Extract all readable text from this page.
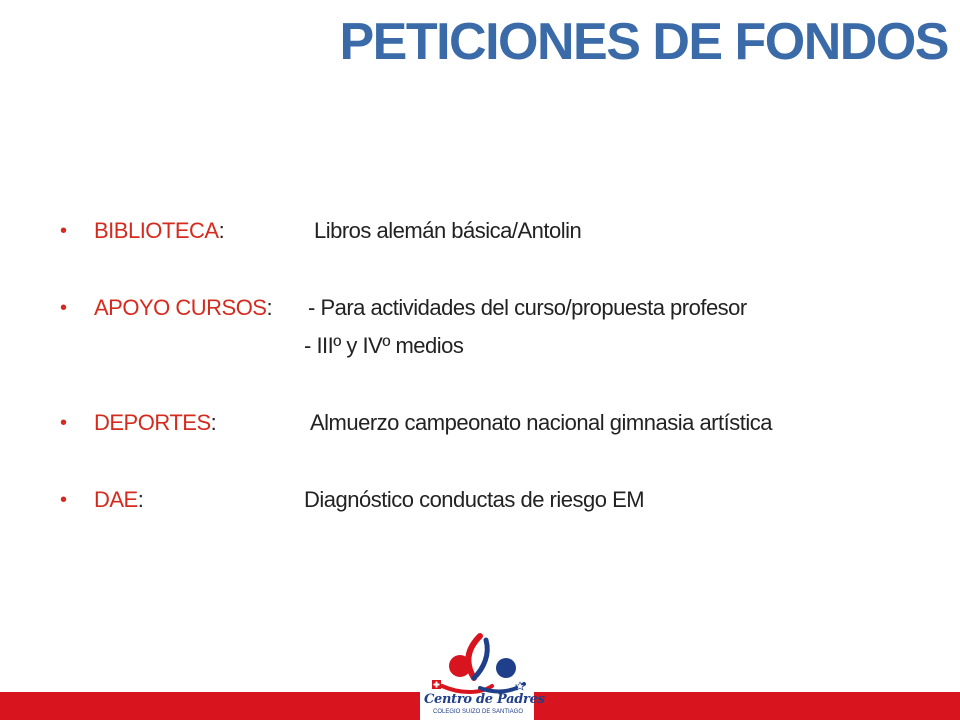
PETICIONES DE FONDOS
• BIBLIOTECA:	Libros alemán básica/Antolin
• APOYO CURSOS: - Para actividades del curso/propuesta profesor
- IIIº y IVº medios
• DEPORTES:	Almuerzo campeonato nacional gimnasia artística
• DAE:	Diagnóstico conductas de riesgo EM
Centro de Padres
COLEGIO SUIZO DE SANTIAGO
